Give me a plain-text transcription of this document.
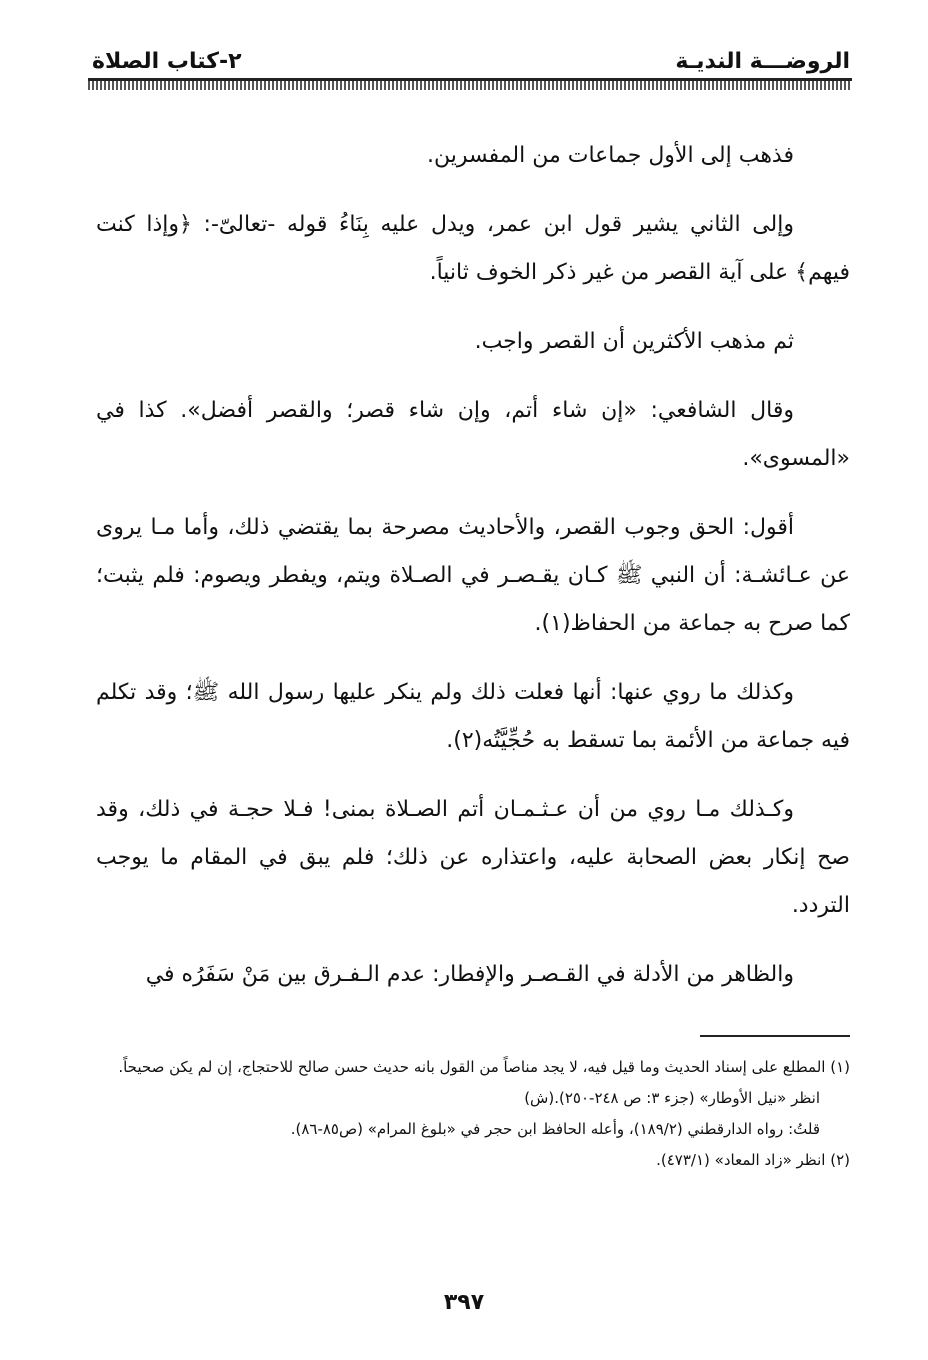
الروضـــة النديـة
٢-كتاب الصلاة

فذهب إلى الأول جماعات من المفسرين.

وإلى الثاني يشير قول ابن عمر، ويدل عليه بِنَاءُ قوله -تعالىّ-: ﴿وإذا كنت فيهم﴾ على آية القصر من غير ذكر الخوف ثانياً.

ثم مذهب الأكثرين أن القصر واجب.

وقال الشافعي: «إن شاء أتم، وإن شاء قصر؛ والقصر أفضل». كذا في «المسوى».

أقول: الحق وجوب القصر، والأحاديث مصرحة بما يقتضي ذلك، وأما مـا يروى عن عـائشـة: أن النبي ﷺ كـان يقـصـر في الصـلاة ويتم، ويفطر ويصوم: فلم يثبت؛ كما صرح به جماعة من الحفاظ(١).

وكذلك ما روي عنها: أنها فعلت ذلك ولم ينكر عليها رسول الله ﷺ؛ وقد تكلم فيه جماعة من الأئمة بما تسقط به حُجِّيَّتُه(٢).

وكـذلك مـا روي من أن عـثـمـان أتم الصـلاة بمنى! فـلا حجـة في ذلك، وقد صح إنكار بعض الصحابة عليه، واعتذاره عن ذلك؛ فلم يبق في المقام ما يوجب التردد.

والظاهر من الأدلة في القـصـر والإفطار: عدم الـفـرق بين مَنْ سَفَرُه في

(١) المطلع على إسناد الحديث وما قيل فيه، لا يجد مناصاً من القول بانه حديث حسن صالح للاحتجاج، إن لم يكن صحيحاً.

انظر «نيل الأوطار» (جزء ٣: ص ٢٤٨-٢٥٠).(ش)

قلتُ: رواه الدارقطني (١٨٩/٢)، وأعله الحافظ ابن حجر في «بلوغ المرام» (ص٨٥-٨٦).

(٢) انظر «زاد المعاد» (٤٧٣/١).

٣٩٧
